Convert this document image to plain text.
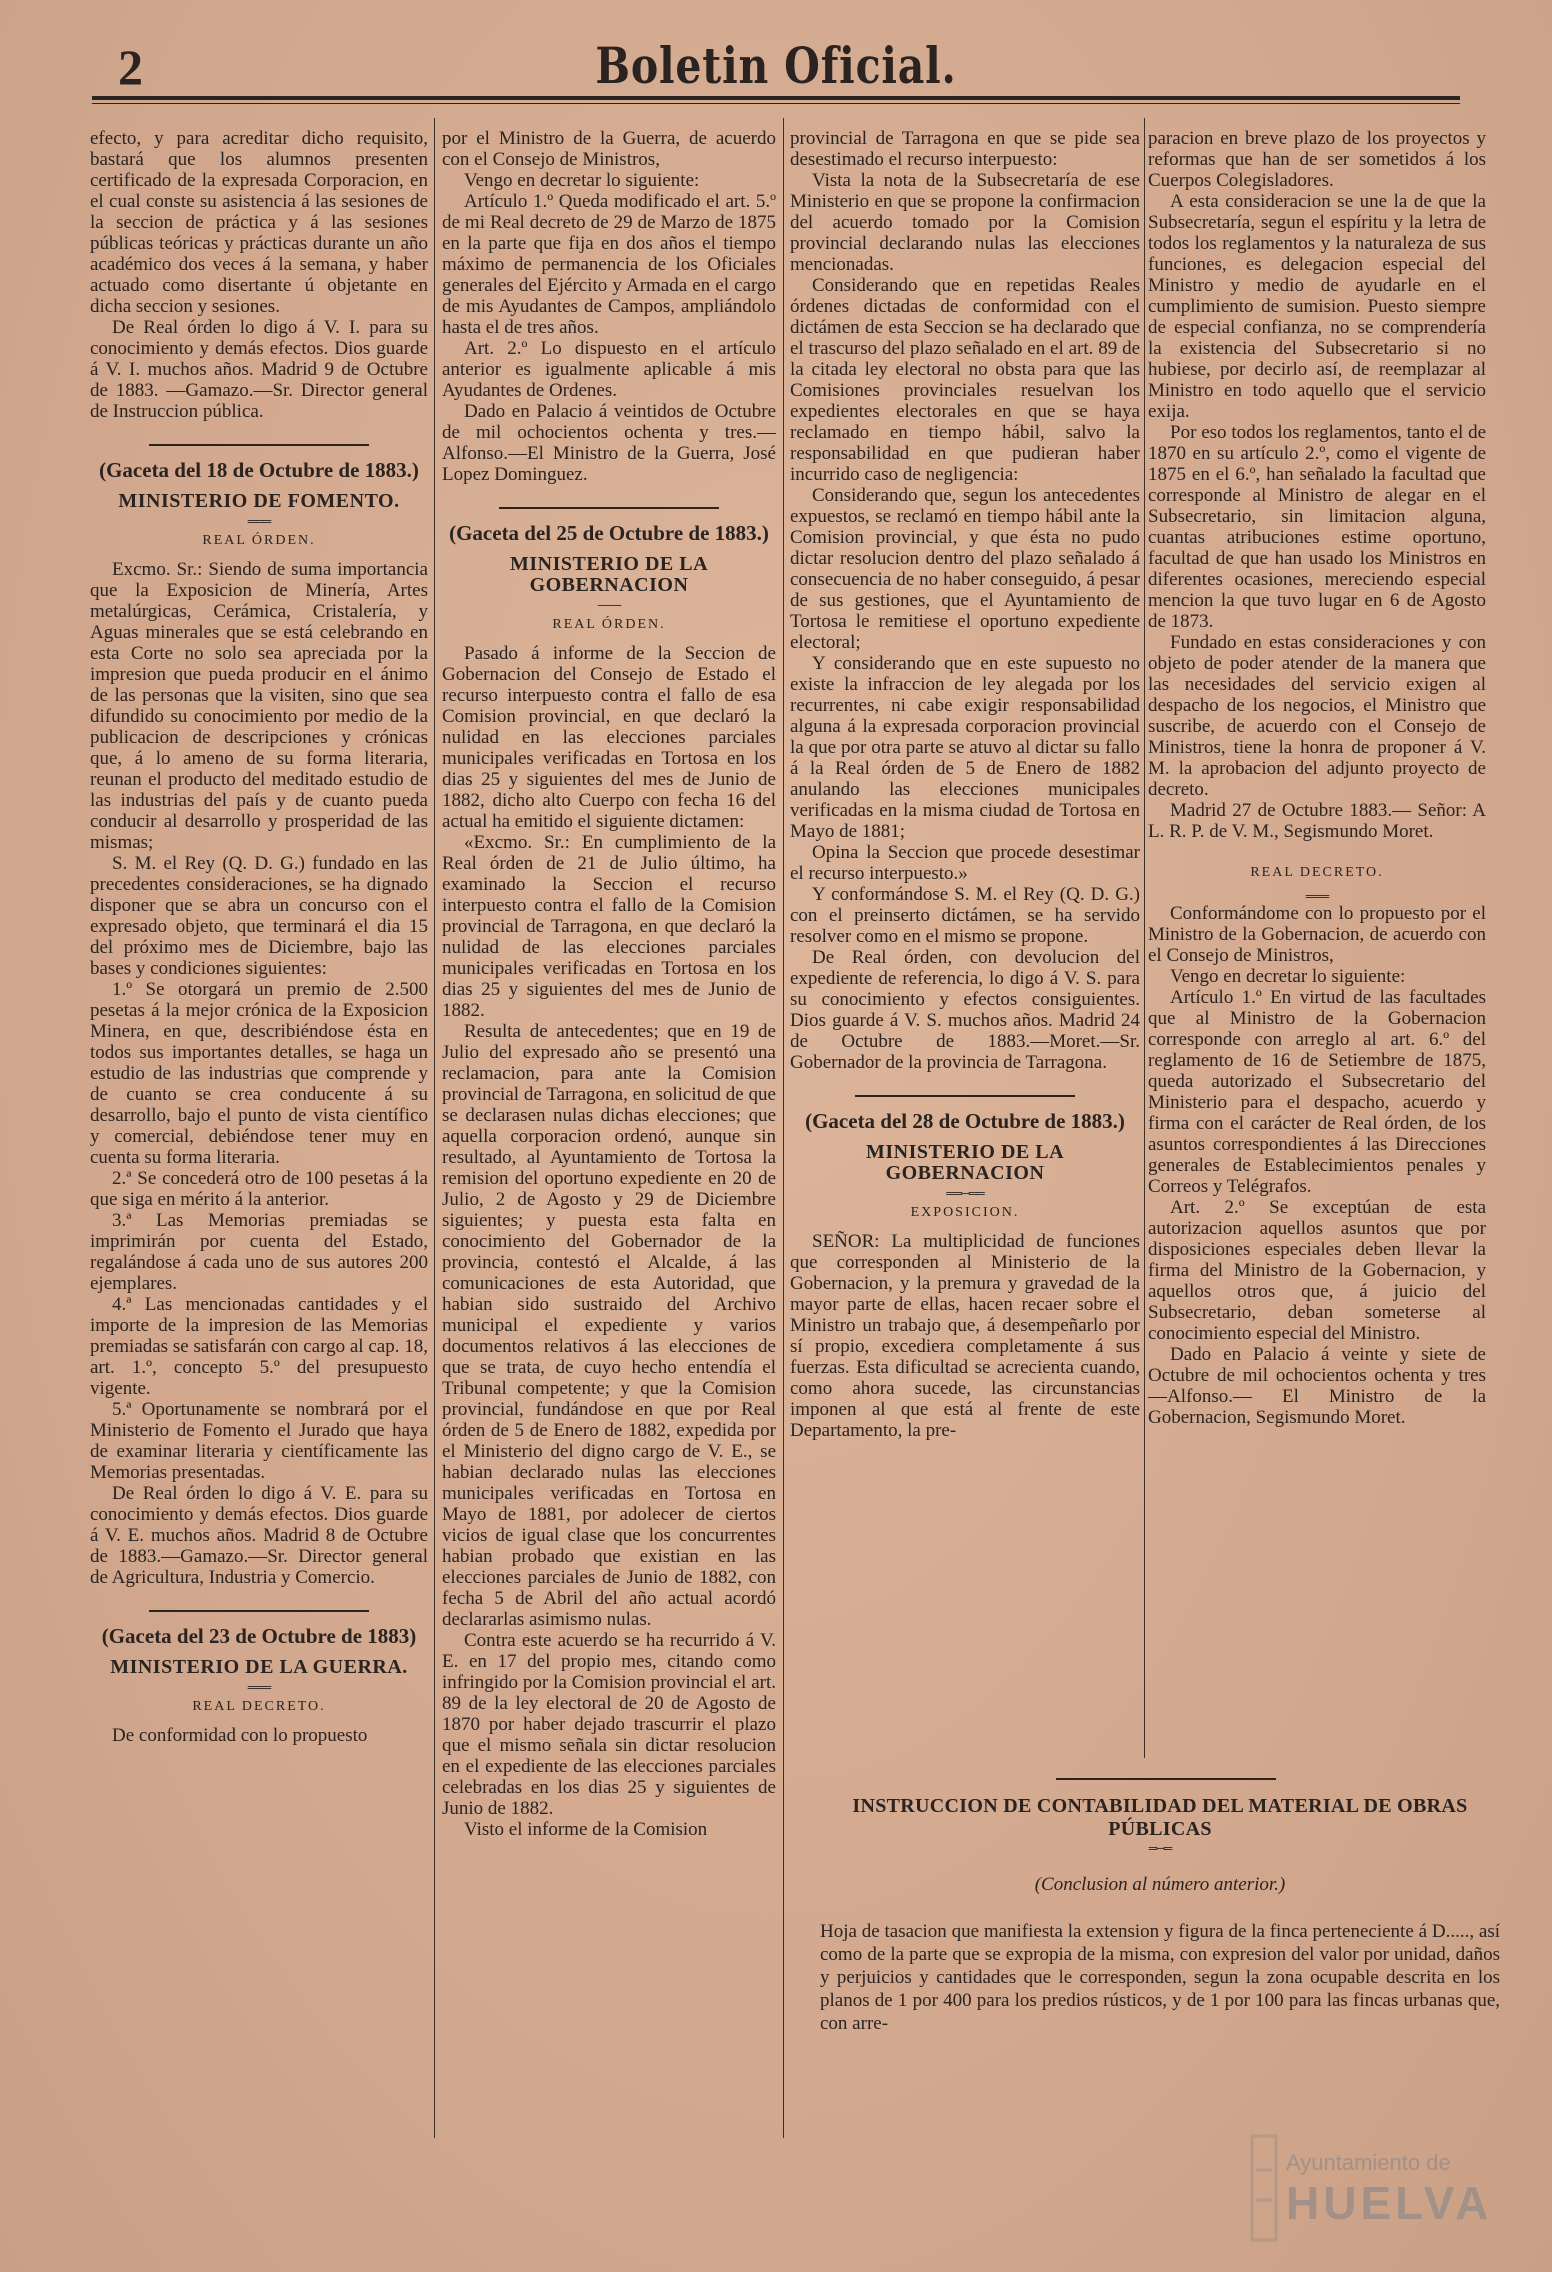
2	Boletin Oficial.

efecto, y para acreditar dicho requisito, bastará que los alumnos presenten certificado de la expresada Corporacion, en el cual conste su asistencia á las sesiones de la seccion de práctica y á las sesiones públicas teóricas y prácticas durante un año académico dos veces á la semana, y haber actuado como disertante ú objetante en dicha seccion y sesiones.

De Real órden lo digo á V. I. para su conocimiento y demás efectos. Dios guarde á V. I. muchos años. Madrid 9 de Octubre de 1883. —Gamazo.—Sr. Director general de Instruccion pública.

(Gaceta del 18 de Octubre de 1883.)
MINISTERIO DE FOMENTO.
═══
REAL ÓRDEN.

Excmo. Sr.: Siendo de suma importancia que la Exposicion de Minería, Artes metalúrgicas, Cerámica, Cristalería, y Aguas minerales que se está celebrando en esta Corte no solo sea apreciada por la impresion que pueda producir en el ánimo de las personas que la visiten, sino que sea difundido su conocimiento por medio de la publicacion de descripciones y crónicas que, á lo ameno de su forma literaria, reunan el producto del meditado estudio de las industrias del país y de cuanto pueda conducir al desarrollo y prosperidad de las mismas;

S. M. el Rey (Q. D. G.) fundado en las precedentes consideraciones, se ha dignado disponer que se abra un concurso con el expresado objeto, que terminará el dia 15 del próximo mes de Diciembre, bajo las bases y condiciones siguientes:

1.º Se otorgará un premio de 2.500 pesetas á la mejor crónica de la Exposicion Minera, en que, describiéndose ésta en todos sus importantes detalles, se haga un estudio de las industrias que comprende y de cuanto se crea conducente á su desarrollo, bajo el punto de vista científico y comercial, debiéndose tener muy en cuenta su forma literaria.

2.ª Se concederá otro de 100 pesetas á la que siga en mérito á la anterior.

3.ª Las Memorias premiadas se imprimirán por cuenta del Estado, regalándose á cada uno de sus autores 200 ejemplares.

4.ª Las mencionadas cantidades y el importe de la impresion de las Memorias premiadas se satisfarán con cargo al cap. 18, art. 1.º, concepto 5.º del presupuesto vigente.

5.ª Oportunamente se nombrará por el Ministerio de Fomento el Jurado que haya de examinar literaria y científicamente las Memorias presentadas.

De Real órden lo digo á V. E. para su conocimiento y demás efectos. Dios guarde á V. E. muchos años. Madrid 8 de Octubre de 1883.—Gamazo.—Sr. Director general de Agricultura, Industria y Comercio.

(Gaceta del 23 de Octubre de 1883)
MINISTERIO DE LA GUERRA.
═══
REAL DECRETO.

De conformidad con lo propuesto

por el Ministro de la Guerra, de acuerdo con el Consejo de Ministros,

Vengo en decretar lo siguiente:

Artículo 1.º Queda modificado el art. 5.º de mi Real decreto de 29 de Marzo de 1875 en la parte que fija en dos años el tiempo máximo de permanencia de los Oficiales generales del Ejército y Armada en el cargo de mis Ayudantes de Campos, ampliándolo hasta el de tres años.

Art. 2.º Lo dispuesto en el artículo anterior es igualmente aplicable á mis Ayudantes de Ordenes.

Dado en Palacio á veintidos de Octubre de mil ochocientos ochenta y tres.—Alfonso.—El Ministro de la Guerra, José Lopez Dominguez.

(Gaceta del 25 de Octubre de 1883.)
MINISTERIO DE LA GOBERNACION
───
REAL ÓRDEN.

Pasado á informe de la Seccion de Gobernacion del Consejo de Estado el recurso interpuesto contra el fallo de esa Comision provincial, en que declaró la nulidad en las elecciones parciales municipales verificadas en Tortosa en los dias 25 y siguientes del mes de Junio de 1882, dicho alto Cuerpo con fecha 16 del actual ha emitido el siguiente dictamen:

«Excmo. Sr.: En cumplimiento de la Real órden de 21 de Julio último, ha examinado la Seccion el recurso interpuesto contra el fallo de la Comision provincial de Tarragona, en que declaró la nulidad de las elecciones parciales municipales verificadas en Tortosa en los dias 25 y siguientes del mes de Junio de 1882.

Resulta de antecedentes; que en 19 de Julio del expresado año se presentó una reclamacion, para ante la Comision provincial de Tarragona, en solicitud de que se declarasen nulas dichas elecciones; que aquella corporacion ordenó, aunque sin resultado, al Ayuntamiento de Tortosa la remision del oportuno expediente en 20 de Julio, 2 de Agosto y 29 de Diciembre siguientes; y puesta esta falta en conocimiento del Gobernador de la provincia, contestó el Alcalde, á las comunicaciones de esta Autoridad, que habian sido sustraido del Archivo municipal el expediente y varios documentos relativos á las elecciones de que se trata, de cuyo hecho entendía el Tribunal competente; y que la Comision provincial, fundándose en que por Real órden de 5 de Enero de 1882, expedida por el Ministerio del digno cargo de V. E., se habian declarado nulas las elecciones municipales verificadas en Tortosa en Mayo de 1881, por adolecer de ciertos vicios de igual clase que los concurrentes habian probado que existian en las elecciones parciales de Junio de 1882, con fecha 5 de Abril del año actual acordó declararlas asimismo nulas.

Contra este acuerdo se ha recurrido á V. E. en 17 del propio mes, citando como infringido por la Comision provincial el art. 89 de la ley electoral de 20 de Agosto de 1870 por haber dejado trascurrir el plazo que el mismo señala sin dictar resolucion en el expediente de las elecciones parciales celebradas en los dias 25 y siguientes de Junio de 1882.

Visto el informe de la Comision

provincial de Tarragona en que se pide sea desestimado el recurso interpuesto:

Vista la nota de la Subsecretaría de ese Ministerio en que se propone la confirmacion del acuerdo tomado por la Comision provincial declarando nulas las elecciones mencionadas.

Considerando que en repetidas Reales órdenes dictadas de conformidad con el dictámen de esta Seccion se ha declarado que el trascurso del plazo señalado en el art. 89 de la citada ley electoral no obsta para que las Comisiones provinciales resuelvan los expedientes electorales en que se haya reclamado en tiempo hábil, salvo la responsabilidad en que pudieran haber incurrido caso de negligencia:

Considerando que, segun los antecedentes expuestos, se reclamó en tiempo hábil ante la Comision provincial, y que ésta no pudo dictar resolucion dentro del plazo señalado á consecuencia de no haber conseguido, á pesar de sus gestiones, que el Ayuntamiento de Tortosa le remitiese el oportuno expediente electoral;

Y considerando que en este supuesto no existe la infraccion de ley alegada por los recurrentes, ni cabe exigir responsabilidad alguna á la expresada corporacion provincial la que por otra parte se atuvo al dictar su fallo á la Real órden de 5 de Enero de 1882 anulando las elecciones municipales verificadas en la misma ciudad de Tortosa en Mayo de 1881;

Opina la Seccion que procede desestimar el recurso interpuesto.»

Y conformándose S. M. el Rey (Q. D. G.) con el preinserto dictámen, se ha servido resolver como en el mismo se propone.

De Real órden, con devolucion del expediente de referencia, lo digo á V. S. para su conocimiento y efectos consiguientes. Dios guarde á V. S. muchos años. Madrid 24 de Octubre de 1883.—Moret.—Sr. Gobernador de la provincia de Tarragona.

(Gaceta del 28 de Octubre de 1883.)
MINISTERIO DE LA GOBERNACION
══─══
EXPOSICION.

SEÑOR: La multiplicidad de funciones que corresponden al Ministerio de la Gobernacion, y la premura y gravedad de la mayor parte de ellas, hacen recaer sobre el Ministro un trabajo que, á desempeñarlo por sí propio, excediera completamente á sus fuerzas. Esta dificultad se acrecienta cuando, como ahora sucede, las circunstancias imponen al que está al frente de este Departamento, la pre-

paracion en breve plazo de los proyectos y reformas que han de ser sometidos á los Cuerpos Colegisladores.

A esta consideracion se une la de que la Subsecretaría, segun el espíritu y la letra de todos los reglamentos y la naturaleza de sus funciones, es delegacion especial del Ministro y medio de ayudarle en el cumplimiento de sumision. Puesto siempre de especial confianza, no se comprendería la existencia del Subsecretario si no hubiese, por decirlo así, de reemplazar al Ministro en todo aquello que el servicio exija.

Por eso todos los reglamentos, tanto el de 1870 en su artículo 2.º, como el vigente de 1875 en el 6.º, han señalado la facultad que corresponde al Ministro de alegar en el Subsecretario, sin limitacion alguna, cuantas atribuciones estime oportuno, facultad de que han usado los Ministros en diferentes ocasiones, mereciendo especial mencion la que tuvo lugar en 6 de Agosto de 1873.

Fundado en estas consideraciones y con objeto de poder atender de la manera que las necesidades del servicio exigen al despacho de los negocios, el Ministro que suscribe, de acuerdo con el Consejo de Ministros, tiene la honra de proponer á V. M. la aprobacion del adjunto proyecto de decreto.

Madrid 27 de Octubre 1883.— Señor: A L. R. P. de V. M., Segismundo Moret.

REAL DECRETO.
═══

Conformándome con lo propuesto por el Ministro de la Gobernacion, de acuerdo con el Consejo de Ministros,

Vengo en decretar lo siguiente:

Artículo 1.º En virtud de las facultades que al Ministro de la Gobernacion corresponde con arreglo al art. 6.º del reglamento de 16 de Setiembre de 1875, queda autorizado el Subsecretario del Ministerio para el despacho, acuerdo y firma con el carácter de Real órden, de los asuntos correspondientes á las Direcciones generales de Establecimientos penales y Correos y Telégrafos.

Art. 2.º Se exceptúan de esta autorizacion aquellos asuntos que por disposiciones especiales deben llevar la firma del Ministro de la Gobernacion, y aquellos otros que, á juicio del Subsecretario, deban someterse al conocimiento especial del Ministro.

Dado en Palacio á veinte y siete de Octubre de mil ochocientos ochenta y tres —Alfonso.— El Ministro de la Gobernacion, Segismundo Moret.

INSTRUCCION DE CONTABILIDAD DEL MATERIAL DE OBRAS PÚBLICAS
═─═
(Conclusion al número anterior.)
Hoja de tasacion que manifiesta la extension y figura de la finca perteneciente á D....., así como de la parte que se expropia de la misma, con expresion del valor por unidad, daños y perjuicios y cantidades que le corresponden, segun la zona ocupable descrita en los planos de 1 por 400 para los predios rústicos, y de 1 por 100 para las fincas urbanas que, con arre-
Ayuntamiento de
HUELVA
